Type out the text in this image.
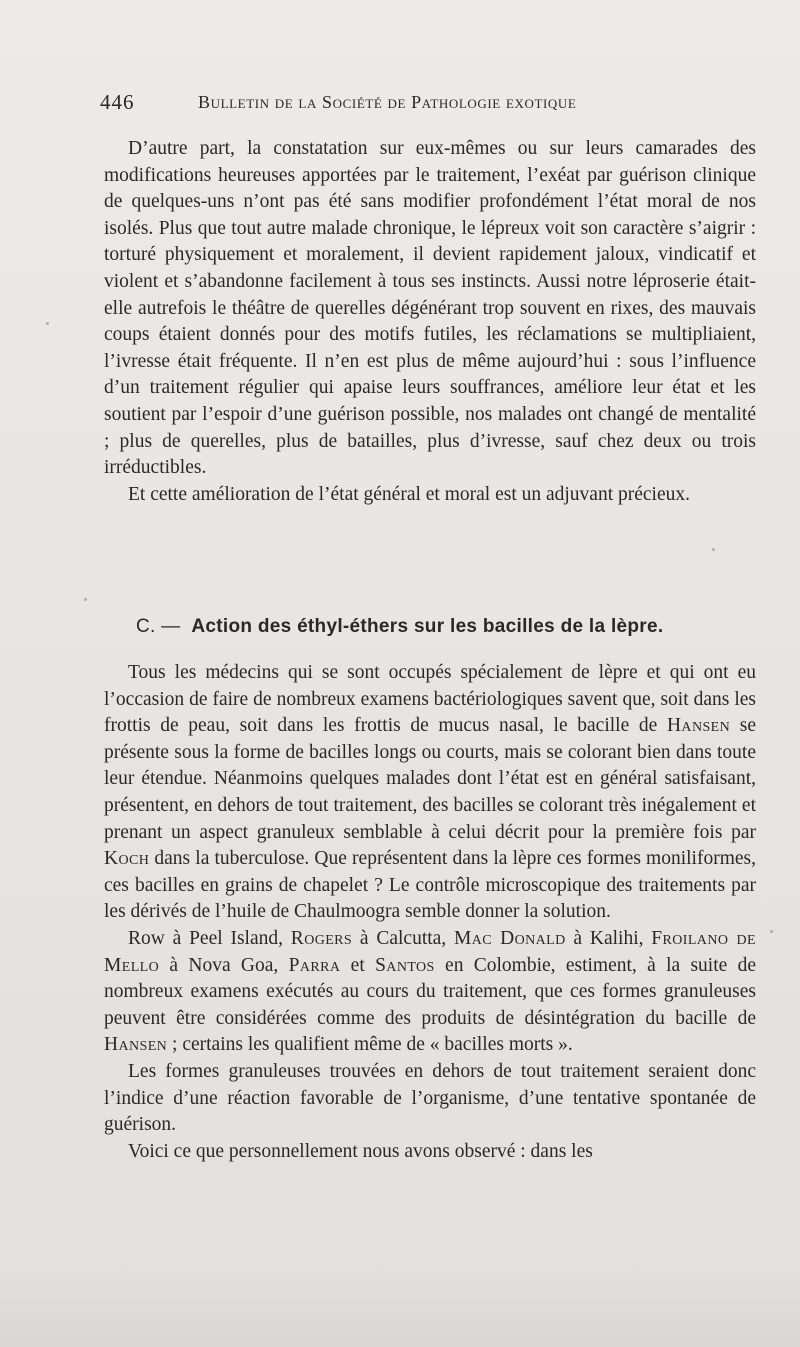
446	Bulletin de la Société de Pathologie exotique

D’autre part, la constatation sur eux-mêmes ou sur leurs camarades des modifications heureuses apportées par le traitement, l’exéat par guérison clinique de quelques-uns n’ont pas été sans modifier profondément l’état moral de nos isolés. Plus que tout autre malade chronique, le lépreux voit son caractère s’aigrir : torturé physiquement et moralement, il devient rapidement jaloux, vindicatif et violent et s’abandonne facilement à tous ses instincts. Aussi notre léproserie était-elle autrefois le théâtre de querelles dégénérant trop souvent en rixes, des mauvais coups étaient donnés pour des motifs futiles, les réclamations se multipliaient, l’ivresse était fréquente. Il n’en est plus de même aujourd’hui : sous l’influence d’un traitement régulier qui apaise leurs souffrances, améliore leur état et les soutient par l’espoir d’une guérison possible, nos malades ont changé de mentalité ; plus de querelles, plus de batailles, plus d’ivresse, sauf chez deux ou trois irréductibles.

Et cette amélioration de l’état général et moral est un adjuvant précieux.

C. — Action des éthyl-éthers sur les bacilles de la lèpre.

Tous les médecins qui se sont occupés spécialement de lèpre et qui ont eu l’occasion de faire de nombreux examens bactériologiques savent que, soit dans les frottis de peau, soit dans les frottis de mucus nasal, le bacille de Hansen se présente sous la forme de bacilles longs ou courts, mais se colorant bien dans toute leur étendue. Néanmoins quelques malades dont l’état est en général satisfaisant, présentent, en dehors de tout traitement, des bacilles se colorant très inégalement et prenant un aspect granuleux semblable à celui décrit pour la première fois par Koch dans la tuberculose. Que représentent dans la lèpre ces formes moniliformes, ces bacilles en grains de chapelet ? Le contrôle microscopique des traitements par les dérivés de l’huile de Chaulmoogra semble donner la solution.

Row à Peel Island, Rogers à Calcutta, Mac Donald à Kalihi, Froilano de Mello à Nova Goa, Parra et Santos en Colombie, estiment, à la suite de nombreux examens exécutés au cours du traitement, que ces formes granuleuses peuvent être considérées comme des produits de désintégration du bacille de Hansen ; certains les qualifient même de « bacilles morts ».

Les formes granuleuses trouvées en dehors de tout traitement seraient donc l’indice d’une réaction favorable de l’organisme, d’une tentative spontanée de guérison.

Voici ce que personnellement nous avons observé : dans les
